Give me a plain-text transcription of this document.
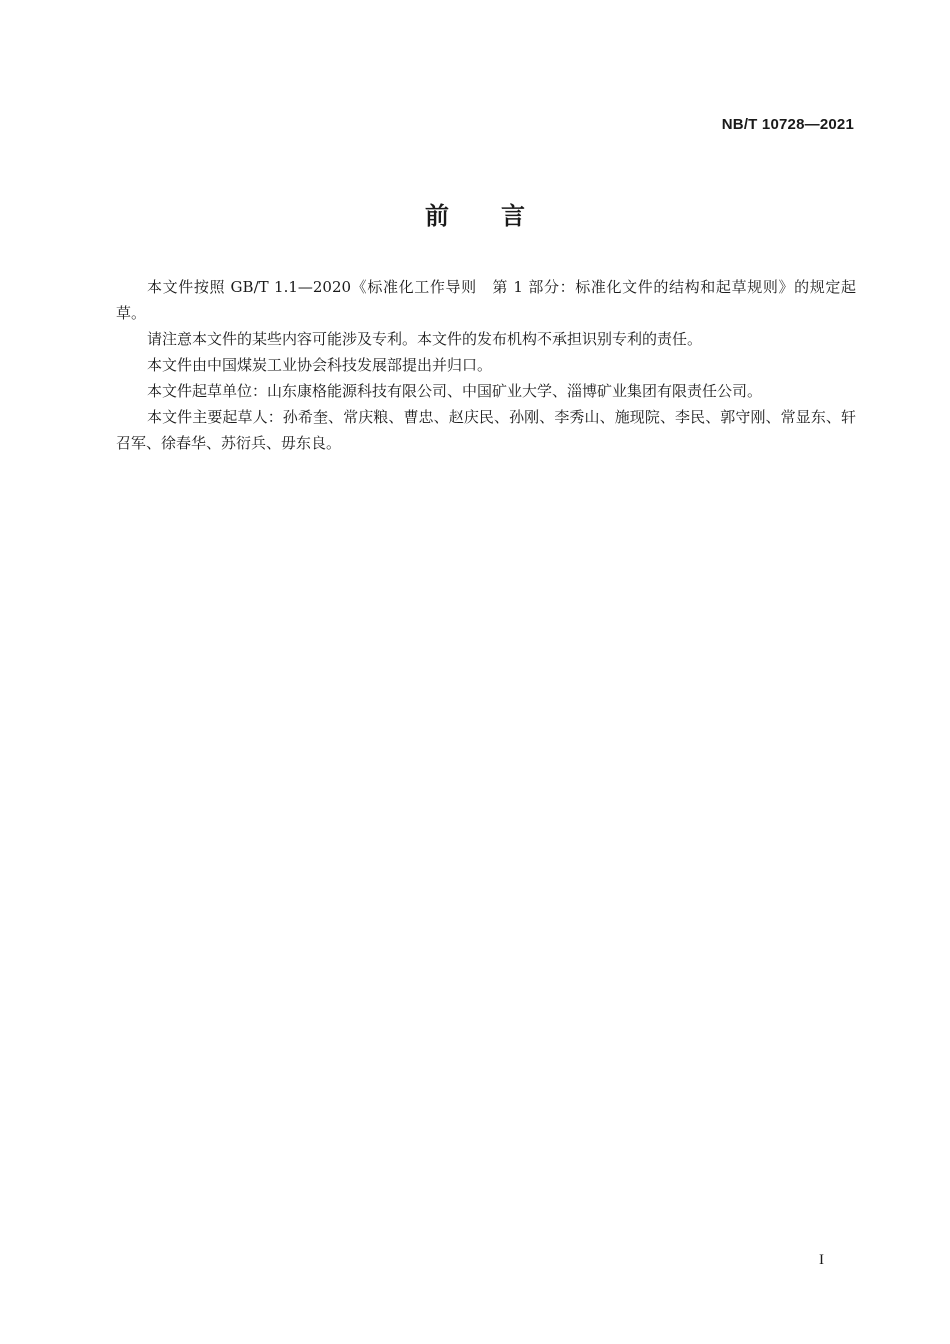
NB/T 10728—2021
前 言

本文件按照 GB/T 1.1—2020《标准化工作导则　第 1 部分：标准化文件的结构和起草规则》的规定起草。

请注意本文件的某些内容可能涉及专利。本文件的发布机构不承担识别专利的责任。

本文件由中国煤炭工业协会科技发展部提出并归口。

本文件起草单位：山东康格能源科技有限公司、中国矿业大学、淄博矿业集团有限责任公司。

本文件主要起草人：孙希奎、常庆粮、曹忠、赵庆民、孙刚、李秀山、施现院、李民、郭守刚、常显东、轩召军、徐春华、苏衍兵、毋东良。

I
